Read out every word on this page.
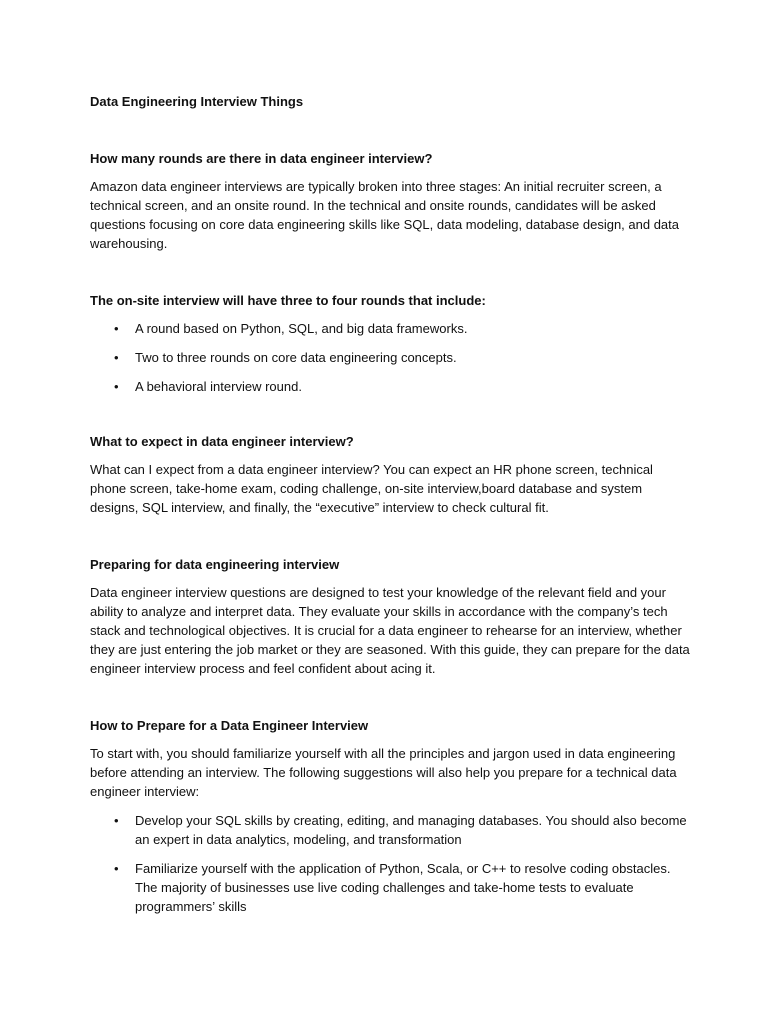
Data Engineering Interview Things

How many rounds are there in data engineer interview?

Amazon data engineer interviews are typically broken into three stages: An initial recruiter screen, a technical screen, and an onsite round. In the technical and onsite rounds, candidates will be asked questions focusing on core data engineering skills like SQL, data modeling, database design, and data warehousing.

The on-site interview will have three to four rounds that include:

• A round based on Python, SQL, and big data frameworks.
• Two to three rounds on core data engineering concepts.
• A behavioral interview round.

What to expect in data engineer interview?

What can I expect from a data engineer interview? You can expect an HR phone screen, technical phone screen, take-home exam, coding challenge, on-site interview,board database and system designs, SQL interview, and finally, the “executive” interview to check cultural fit.

Preparing for data engineering interview

Data engineer interview questions are designed to test your knowledge of the relevant field and your ability to analyze and interpret data. They evaluate your skills in accordance with the company’s tech stack and technological objectives. It is crucial for a data engineer to rehearse for an interview, whether they are just entering the job market or they are seasoned. With this guide, they can prepare for the data engineer interview process and feel confident about acing it.

How to Prepare for a Data Engineer Interview

To start with, you should familiarize yourself with all the principles and jargon used in data engineering before attending an interview. The following suggestions will also help you prepare for a technical data engineer interview:

• Develop your SQL skills by creating, editing, and managing databases. You should also become an expert in data analytics, modeling, and transformation
• Familiarize yourself with the application of Python, Scala, or C++ to resolve coding obstacles. The majority of businesses use live coding challenges and take-home tests to evaluate programmers’ skills
